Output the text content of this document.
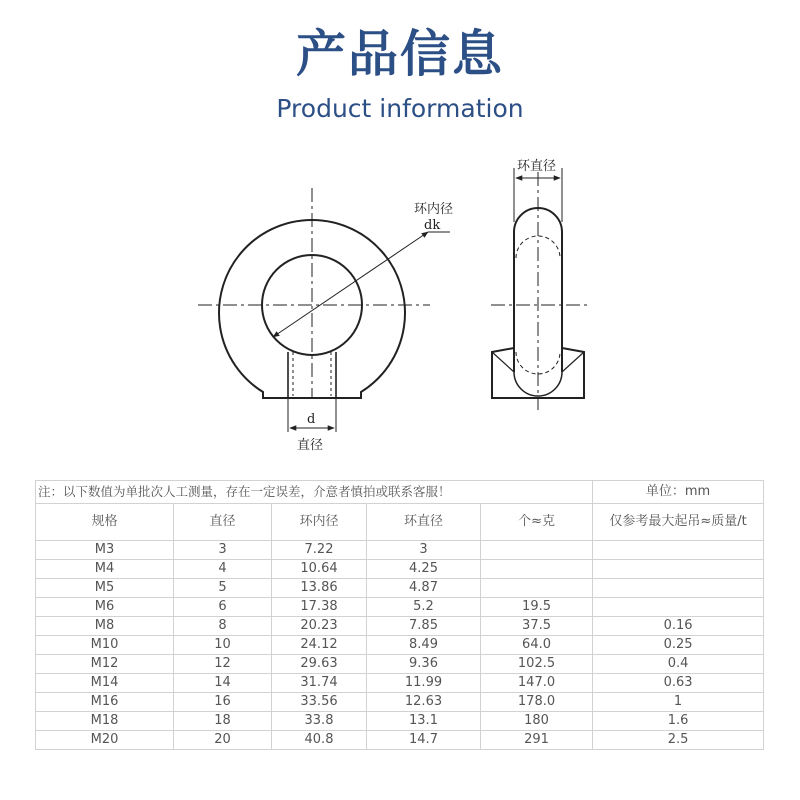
产品信息
Product information
环内径
dk
d
直径
环直径
注：以下数值为单批次人工测量，存在一定误差，介意者慎拍或联系客服！					单位：mm
规格	直径	环内径	环直径	个≈克	仅参考最大起吊≈质量/t
M3	3	7.22	3		
M4	4	10.64	4.25		
M5	5	13.86	4.87		
M6	6	17.38	5.2	19.5	
M8	8	20.23	7.85	37.5	0.16
M10	10	24.12	8.49	64.0	0.25
M12	12	29.63	9.36	102.5	0.4
M14	14	31.74	11.99	147.0	0.63
M16	16	33.56	12.63	178.0	1
M18	18	33.8	13.1	180	1.6
M20	20	40.8	14.7	291	2.5
